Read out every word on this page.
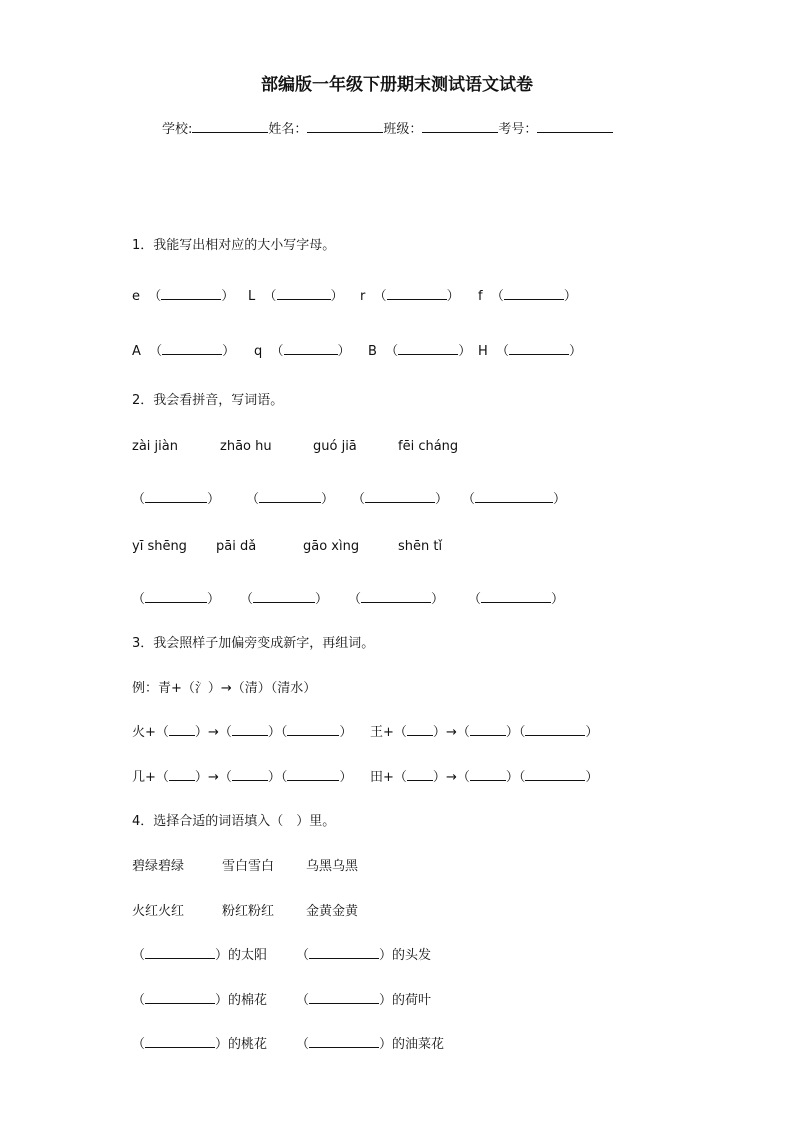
部编版一年级下册期末测试语文试卷
学校:	姓名：	班级：	考号：
1．我能写出相对应的大小写字母。
e  （	） L  （	） r  （	） f  （	）
A  （	） q  （	） B  （	） H  （	）
2．我会看拼音，写词语。
zài jiàn	zhāo hu	guó jiā	fēi cháng
（	） （	） （	） （	）
yī shēng pāi dǎ	gāo xìng	shēn tǐ
（	） （	） （	） （	）
3．我会照样子加偏旁变成新字，再组词。
例：青+（氵）→（清）（清水）
火+（ ）→（	）（	） 王+（ ）→（	）（	）
几+（ ）→（	）（	） 田+（ ）→（	）（	）
4．选择合适的词语填入（　）里。
碧绿碧绿	雪白雪白 乌黑乌黑
火红火红	粉红粉红 金黄金黄
（	）的太阳 （	）的头发
（	）的棉花 （	）的荷叶
（	）的桃花 （	）的油菜花
